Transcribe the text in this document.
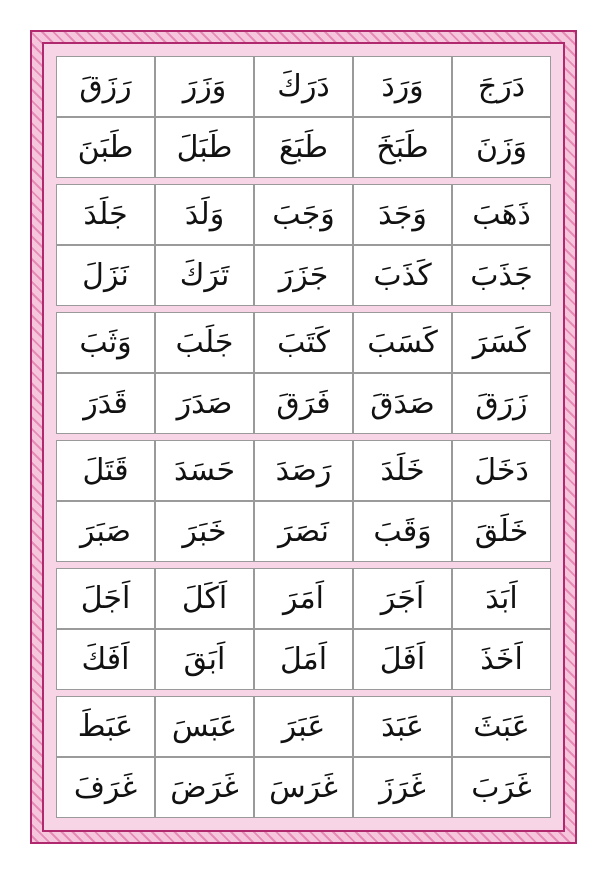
دَرَجَ
وَرَدَ
دَرَكَ
وَزَرَ
رَزَقَ
وَزَنَ
طَبَخَ
طَبَعَ
طَبَلَ
طَبَنَ
ذَهَبَ
وَجَدَ
وَجَبَ
وَلَدَ
جَلَدَ
جَذَبَ
كَذَبَ
جَزَرَ
تَرَكَ
نَزَلَ
كَسَرَ
كَسَبَ
كَتَبَ
جَلَبَ
وَثَبَ
زَرَقَ
صَدَقَ
فَرَقَ
صَدَرَ
قَدَرَ
دَخَلَ
خَلَدَ
رَصَدَ
حَسَدَ
قَتَلَ
خَلَقَ
وَقَبَ
نَصَرَ
خَبَرَ
صَبَرَ
اَبَدَ
اَجَرَ
اَمَرَ
اَكَلَ
اَجَلَ
اَخَذَ
اَفَلَ
اَمَلَ
اَبَقَ
اَفَكَ
عَبَثَ
عَبَدَ
عَبَرَ
عَبَسَ
عَبَطَ
غَرَبَ
غَرَزَ
غَرَسَ
غَرَضَ
غَرَفَ
